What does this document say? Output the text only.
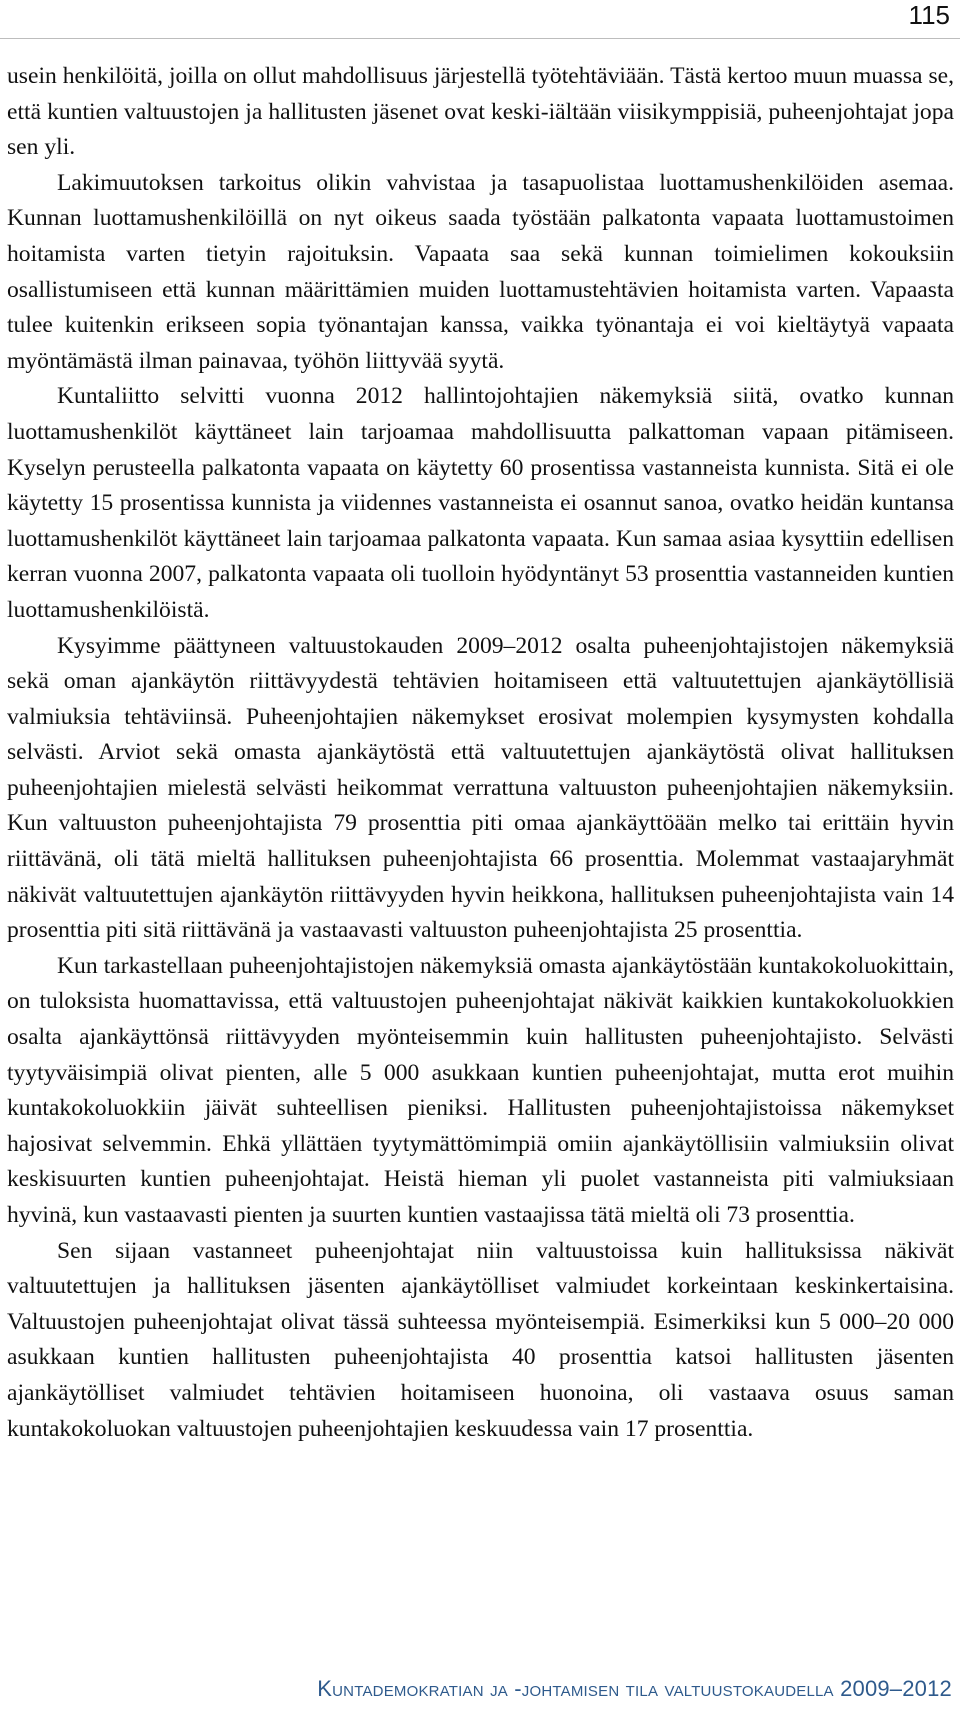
115

usein henkilöitä, joilla on ollut mahdollisuus järjestellä työtehtäviään. Tästä kertoo muun muassa se, että kuntien valtuustojen ja hallitusten jäsenet ovat keski-iältään viisikymppisiä, puheenjohtajat jopa sen yli.

Lakimuutoksen tarkoitus olikin vahvistaa ja tasapuolistaa luottamushenkilöiden asemaa. Kunnan luottamushenkilöillä on nyt oikeus saada työstään palkatonta vapaata luottamustoimen hoitamista varten tietyin rajoituksin. Vapaata saa sekä kunnan toimielimen kokouksiin osallistumiseen että kunnan määrittämien muiden luottamustehtävien hoitamista varten. Vapaasta tulee kuitenkin erikseen sopia työnantajan kanssa, vaikka työnantaja ei voi kieltäytyä vapaata myöntämästä ilman painavaa, työhön liittyvää syytä.

Kuntaliitto selvitti vuonna 2012 hallintojohtajien näkemyksiä siitä, ovatko kunnan luottamushenkilöt käyttäneet lain tarjoamaa mahdollisuutta palkattoman vapaan pitämiseen. Kyselyn perusteella palkatonta vapaata on käytetty 60 prosentissa vastanneista kunnista. Sitä ei ole käytetty 15 prosentissa kunnista ja viidennes vastanneista ei osannut sanoa, ovatko heidän kuntansa luottamushenkilöt käyttäneet lain tarjoamaa palkatonta vapaata. Kun samaa asiaa kysyttiin edellisen kerran vuonna 2007, palkatonta vapaata oli tuolloin hyödyntänyt 53 prosenttia vastanneiden kuntien luottamushenkilöistä.

Kysyimme päättyneen valtuustokauden 2009–2012 osalta puheenjohtajistojen näkemyksiä sekä oman ajankäytön riittävyydestä tehtävien hoitamiseen että valtuutettujen ajankäytöllisiä valmiuksia tehtäviinsä. Puheenjohtajien näkemykset erosivat molempien kysymysten kohdalla selvästi. Arviot sekä omasta ajankäytöstä että valtuutettujen ajankäytöstä olivat hallituksen puheenjohtajien mielestä selvästi heikommat verrattuna valtuuston puheenjohtajien näkemyksiin. Kun valtuuston puheenjohtajista 79 prosenttia piti omaa ajankäyttöään melko tai erittäin hyvin riittävänä, oli tätä mieltä hallituksen puheenjohtajista 66 prosenttia. Molemmat vastaajaryhmät näkivät valtuutettujen ajankäytön riittävyyden hyvin heikkona, hallituksen puheenjohtajista vain 14 prosenttia piti sitä riittävänä ja vastaavasti valtuuston puheenjohtajista 25 prosenttia.

Kun tarkastellaan puheenjohtajistojen näkemyksiä omasta ajankäytöstään kuntakokoluokittain, on tuloksista huomattavissa, että valtuustojen puheenjohtajat näkivät kaikkien kuntakokoluokkien osalta ajankäyttönsä riittävyyden myönteisemmin kuin hallitusten puheenjohtajisto. Selvästi tyytyväisimpiä olivat pienten, alle 5 000 asukkaan kuntien puheenjohtajat, mutta erot muihin kuntakokoluokkiin jäivät suhteellisen pieniksi. Hallitusten puheenjohtajistoissa näkemykset hajosivat selvemmin. Ehkä yllättäen tyytymättömimpiä omiin ajankäytöllisiin valmiuksiin olivat keskisuurten kuntien puheenjohtajat. Heistä hieman yli puolet vastanneista piti valmiuksiaan hyvinä, kun vastaavasti pienten ja suurten kuntien vastaajissa tätä mieltä oli 73 prosenttia.

Sen sijaan vastanneet puheenjohtajat niin valtuustoissa kuin hallituksissa näkivät valtuutettujen ja hallituksen jäsenten ajankäytölliset valmiudet korkeintaan keskinkertaisina. Valtuustojen puheenjohtajat olivat tässä suhteessa myönteisempiä. Esimerkiksi kun 5 000–20 000 asukkaan kuntien hallitusten puheenjohtajista 40 prosenttia katsoi hallitusten jäsenten ajankäytölliset valmiudet tehtävien hoitamiseen huonoina, oli vastaava osuus saman kuntakokoluokan valtuustojen puheenjohtajien keskuudessa vain 17 prosenttia.

Kuntademokratian ja -johtamisen tila valtuustokaudella 2009–2012
